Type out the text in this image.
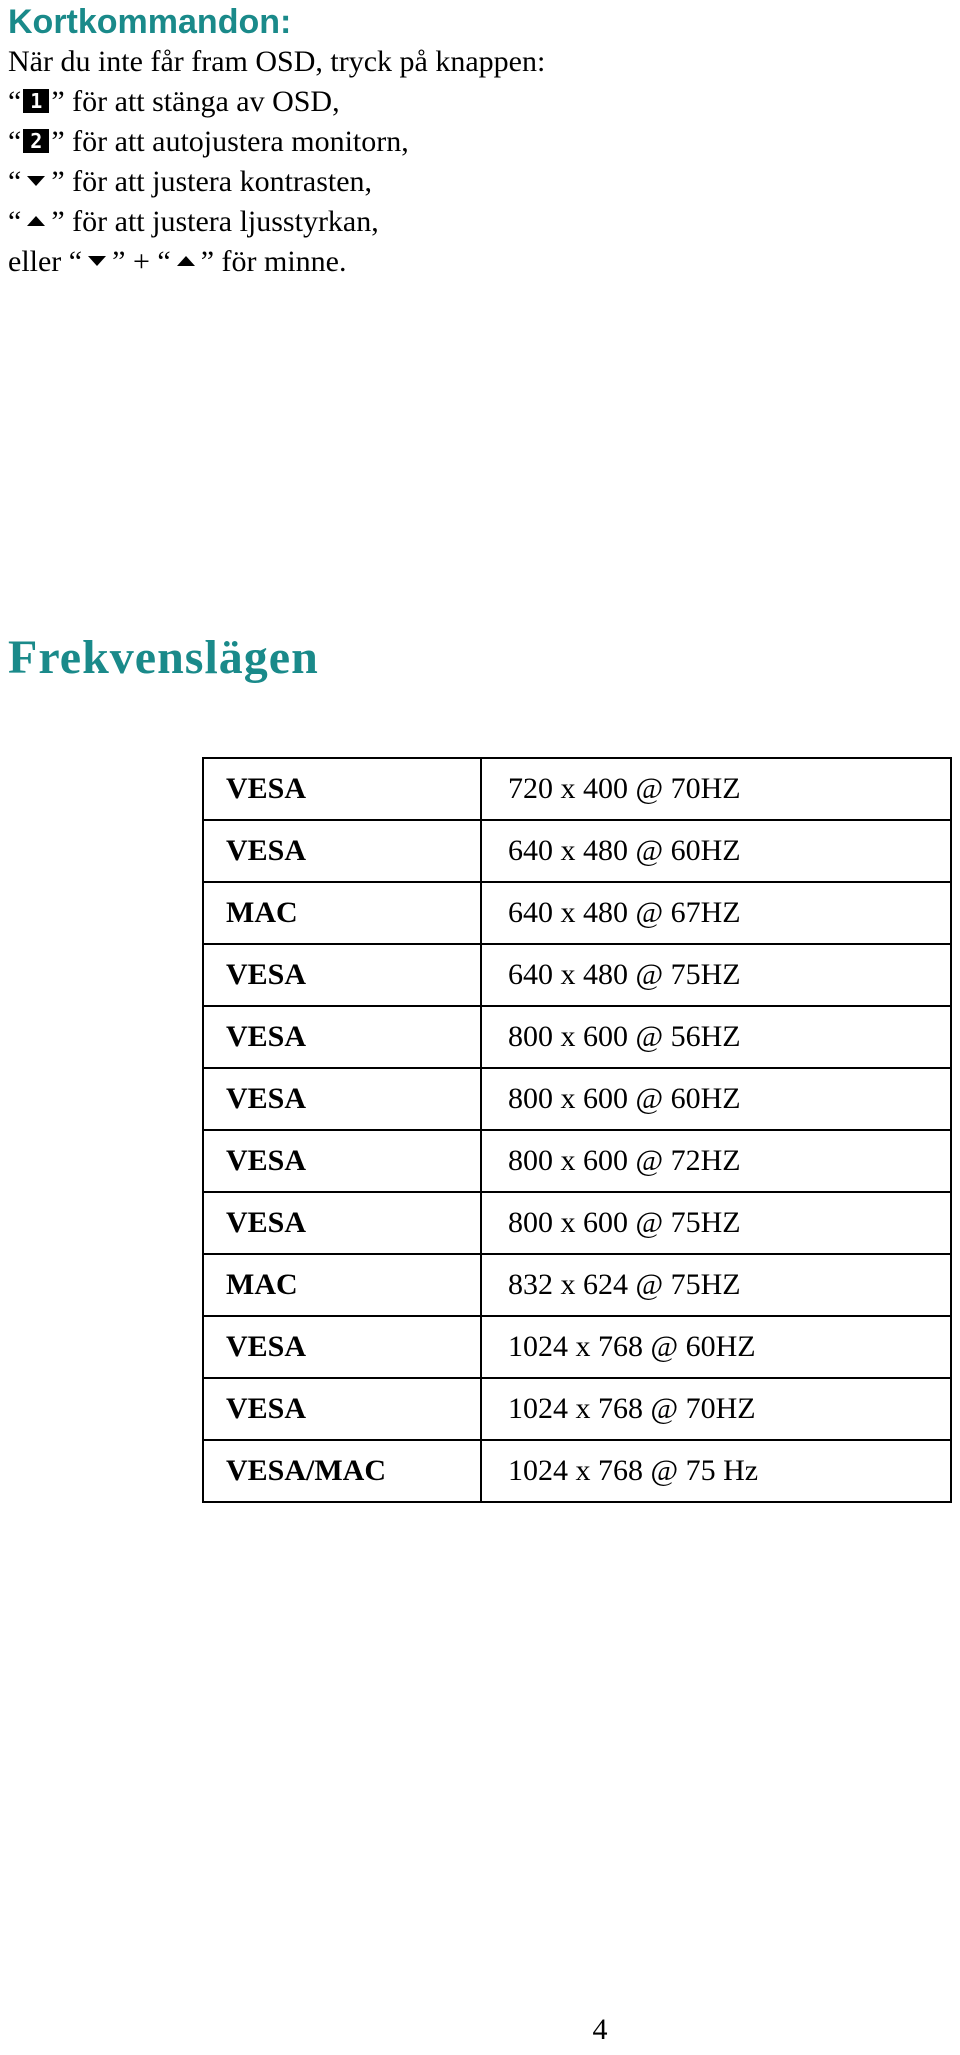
Kortkommandon:
När du inte får fram OSD, tryck på knappen:
“ 1 ” för att stänga av OSD,
“ 2 ” för att autojustera monitorn,
“ ” för att justera kontrasten,
“ ” för att justera ljusstyrkan,
eller “ ” + “ ” för minne.
Frekvenslägen
VESA	720 x 400 @ 70HZ
VESA	640 x 480 @ 60HZ
MAC	640 x 480 @ 67HZ
VESA	640 x 480 @ 75HZ
VESA	800 x 600 @ 56HZ
VESA	800 x 600 @ 60HZ
VESA	800 x 600 @ 72HZ
VESA	800 x 600 @ 75HZ
MAC	832 x 624 @ 75HZ
VESA	1024 x 768 @ 60HZ
VESA	1024 x 768 @ 70HZ
VESA/MAC	1024 x 768 @ 75 Hz
4
